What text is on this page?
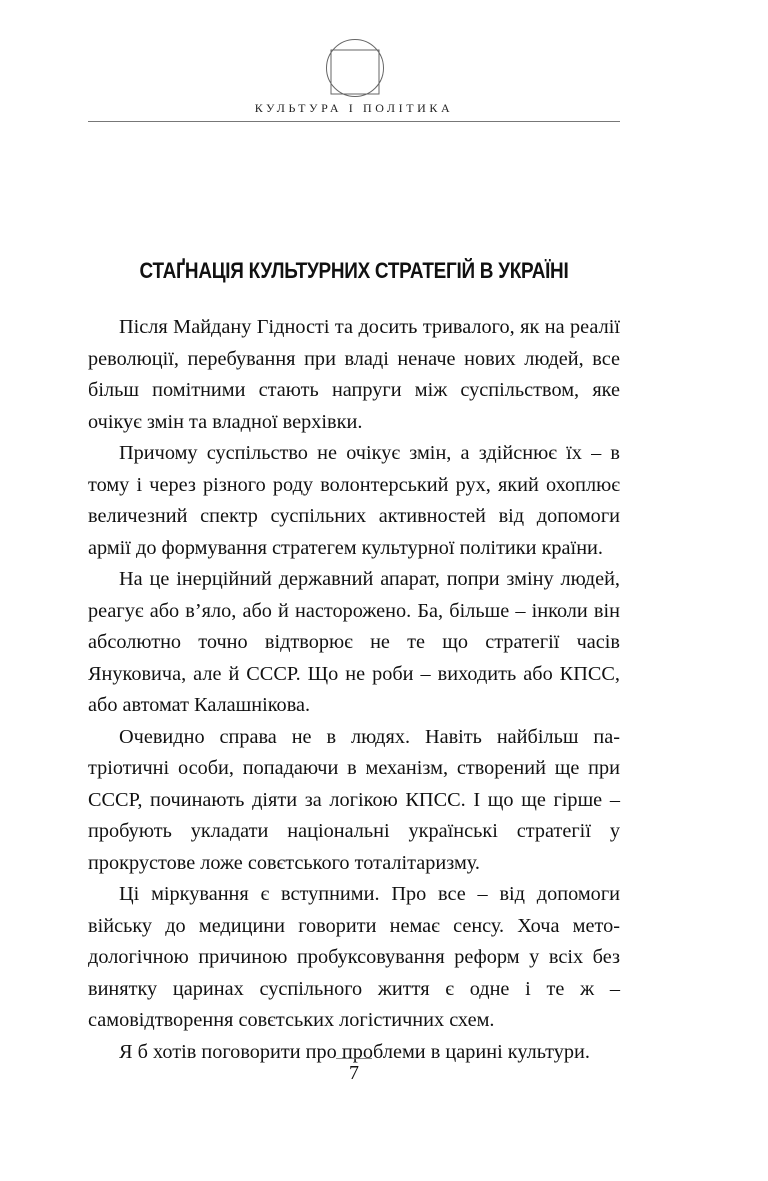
КУЛЬТУРА І ПОЛІТИКА
СТАҐНАЦІЯ КУЛЬТУРНИХ СТРАТЕГІЙ В УКРАЇНІ

Після Майдану Гідності та досить тривалого, як на реалії революції, перебування при владі неначе нових людей, все більш помітними стають напруги між суспільством, яке очікує змін та владної верхівки.

Причому суспільство не очікує змін, а здійснює їх – в тому і через різного роду волонтерський рух, який охоплює величезний спектр суспільних активностей від допомоги армії до формування стратегем культурної політики країни.

На це інерційний державний апарат, попри зміну людей, реагує або в’яло, або й насторожено. Ба, більше – інколи він абсолютно точно відтворює не те що стратегії часів Януковича, але й СССР. Що не роби – виходить або КПСС, або автомат Калашнікова.

Очевидно справа не в людях. Навіть найбільш патріотичні особи, попадаючи в механізм, створений ще при СССР, починають діяти за логікою КПСС. І що ще гірше – пробують укладати національні українські стратегії у прокрустове ложе совєтського тоталітаризму.

Ці міркування є вступними. Про все – від допомоги війську до медицини говорити немає сенсу. Хоча методологічною причиною пробуксовування реформ у всіх без винятку царинах суспільного життя є одне і те ж – самовідтворення совєтських логістичних схем.

Я б хотів поговорити про проблеми в царині культури.

7
